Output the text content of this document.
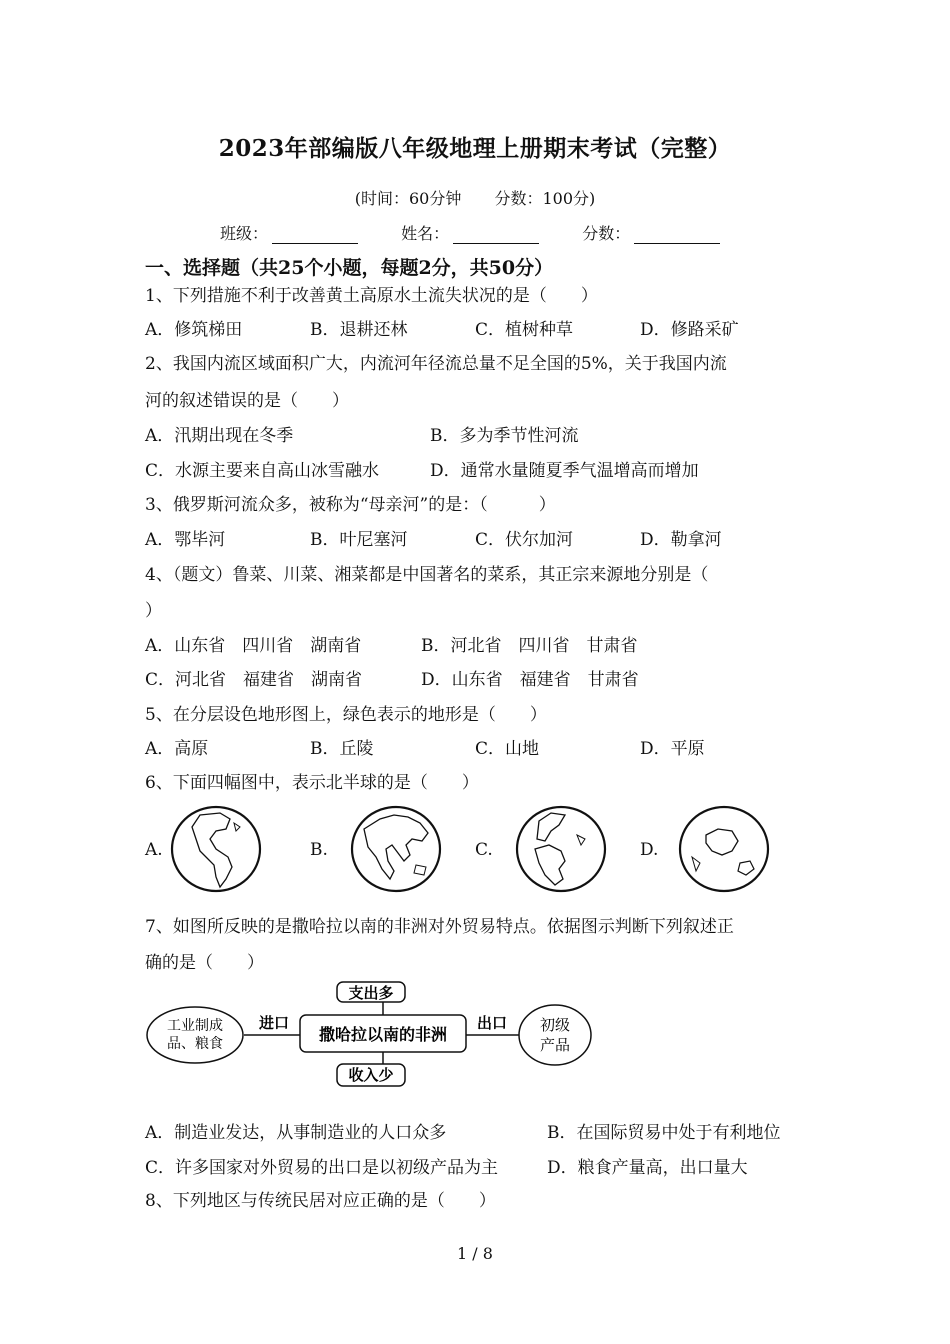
2023年部编版八年级地理上册期末考试（完整）
(时间：60分钟 分数：100分)
班级：	姓名：	分数：
一、选择题（共25个小题，每题2分，共50分）
1、下列措施不利于改善黄土高原水土流失状况的是（　　）
A．修筑梯田	B．退耕还林	C．植树种草	D．修路采矿
2、我国内流区域面积广大，内流河年径流总量不足全国的5%，关于我国内流
河的叙述错误的是（　　）
A．汛期出现在冬季	B．多为季节性河流
C．水源主要来自高山冰雪融水	D．通常水量随夏季气温增高而增加
3、俄罗斯河流众多，被称为“母亲河”的是：（　　　）
A．鄂毕河	B．叶尼塞河	C．伏尔加河	D．勒拿河
4、（题文）鲁菜、川菜、湘菜都是中国著名的菜系，其正宗来源地分别是（
）
A．山东省　四川省　湖南省	B．河北省　四川省　甘肃省
C．河北省　福建省　湖南省	D．山东省　福建省　甘肃省
5、在分层设色地形图上，绿色表示的地形是（　　）
A．高原	B．丘陵	C．山地	D．平原
6、下面四幅图中，表示北半球的是（　　）
A.	B.	C.	D.
7、如图所反映的是撒哈拉以南的非洲对外贸易特点。依据图示判断下列叙述正
确的是（　　）
工业制成
品、粮食	撒哈拉以南的非洲
支出多
收入少
初级
产品
进口	出口
A．制造业发达，从事制造业的人口众多	B．在国际贸易中处于有利地位
C．许多国家对外贸易的出口是以初级产品为主	D．粮食产量高，出口量大
8、下列地区与传统民居对应正确的是（　　）
1 / 8
